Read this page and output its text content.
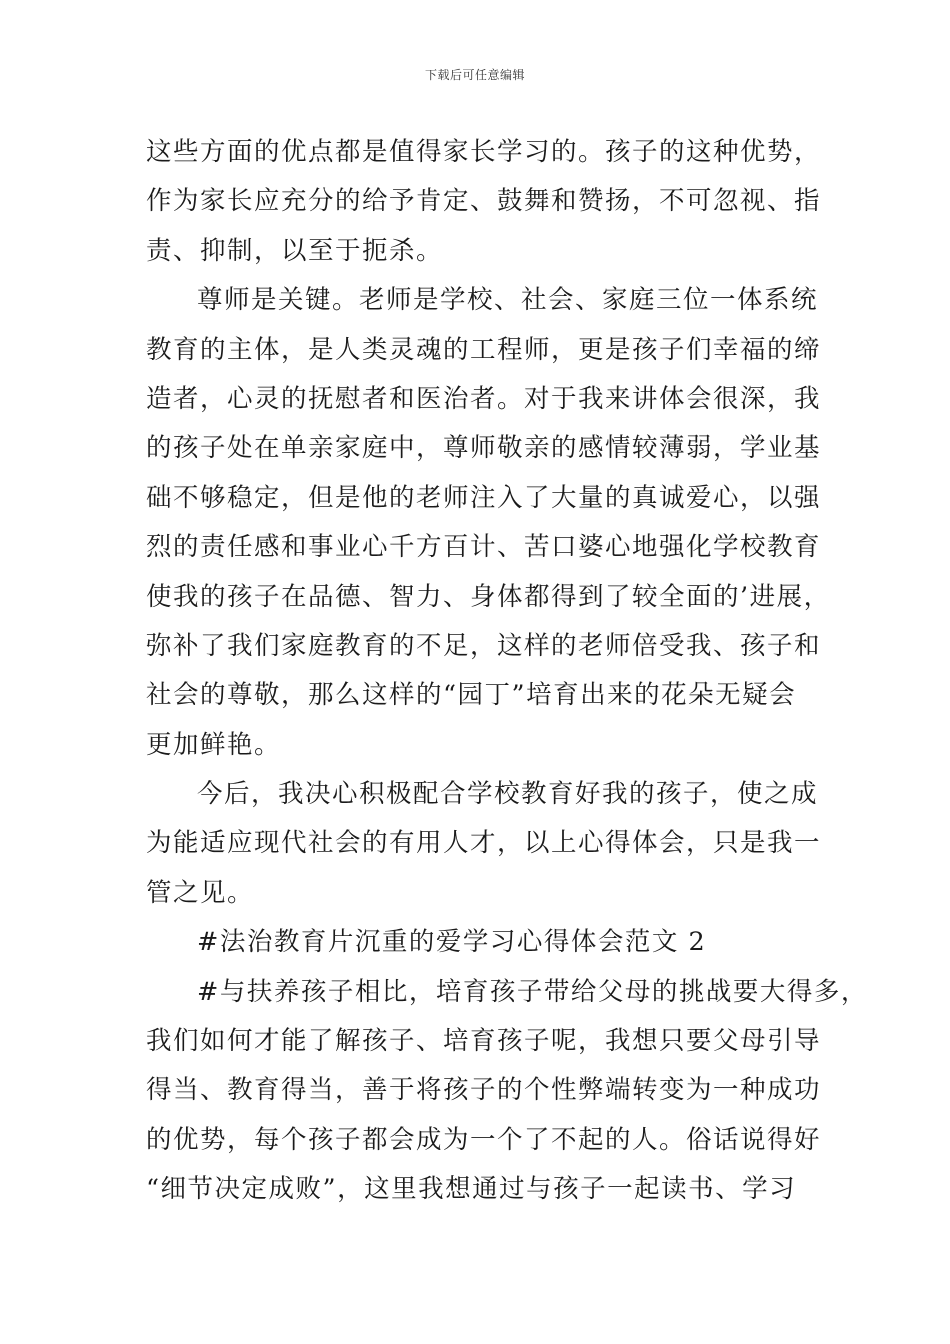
下载后可任意编辑
这些方面的优点都是值得家长学习的。孩子的这种优势，
作为家长应充分的给予肯定、鼓舞和赞扬，不可忽视、指
责、抑制，以至于扼杀。
尊师是关键。老师是学校、社会、家庭三位一体系统
教育的主体，是人类灵魂的工程师，更是孩子们幸福的缔
造者，心灵的抚慰者和医治者。对于我来讲体会很深，我
的孩子处在单亲家庭中，尊师敬亲的感情较薄弱，学业基
础不够稳定，但是他的老师注入了大量的真诚爱心，以强
烈的责任感和事业心千方百计、苦口婆心地强化学校教育
使我的孩子在品德、智力、身体都得到了较全面的’进展，
弥补了我们家庭教育的不足，这样的老师倍受我、孩子和
社会的尊敬，那么这样的“园丁”培育出来的花朵无疑会
更加鲜艳。
今后，我决心积极配合学校教育好我的孩子，使之成
为能适应现代社会的有用人才，以上心得体会，只是我一
管之见。
#法治教育片沉重的爱学习心得体会范文 2
#与扶养孩子相比，培育孩子带给父母的挑战要大得多，
我们如何才能了解孩子、培育孩子呢，我想只要父母引导
得当、教育得当，善于将孩子的个性弊端转变为一种成功
的优势，每个孩子都会成为一个了不起的人。俗话说得好
“细节决定成败”，这里我想通过与孩子一起读书、学习
